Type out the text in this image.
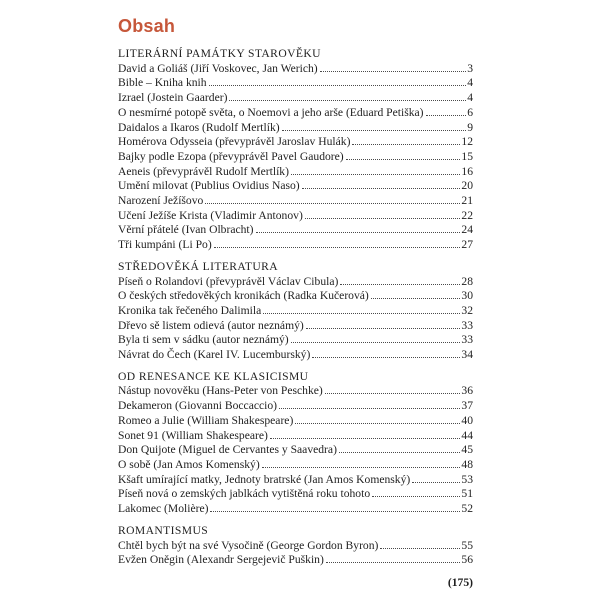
Obsah
LITERÁRNÍ PAMÁTKY STAROVĚKU
David a Goliáš (Jiří Voskovec, Jan Werich)	3
Bible – Kniha knih	4
Izrael (Jostein Gaarder)	4
O nesmírné potopě světa, o Noemovi a jeho arše (Eduard Petiška)	6
Daidalos a Ikaros (Rudolf Mertlík)	9
Homérova Odysseia (převyprávěl Jaroslav Hulák)	12
Bajky podle Ezopa (převyprávěl Pavel Gaudore)	15
Aeneis (převyprávěl Rudolf Mertlík)	16
Umění milovat (Publius Ovidius Naso)	20
Narození Ježíšovo	21
Učení Ježíše Krista (Vladimir Antonov)	22
Věrní přátelé (Ivan Olbracht)	24
Tři kumpáni (Li Po)	27
STŘEDOVĚKÁ LITERATURA
Píseň o Rolandovi (převyprávěl Václav Cibula)	28
O českých středověkých kronikách (Radka Kučerová)	30
Kronika tak řečeného Dalimila	32
Dřevo sě listem odievá (autor neznámý)	33
Byla ti sem v sádku (autor neznámý)	33
Návrat do Čech (Karel IV. Lucemburský)	34
OD RENESANCE KE KLASICISMU
Nástup novověku (Hans-Peter von Peschke)	36
Dekameron (Giovanni Boccaccio)	37
Romeo a Julie (William Shakespeare)	40
Sonet 91 (William Shakespeare)	44
Don Quijote (Miguel de Cervantes y Saavedra)	45
O sobě (Jan Amos Komenský)	48
Kšaft umírající matky, Jednoty bratrské (Jan Amos Komenský)	53
Píseň nová o zemských jablkách vytištěná roku tohoto	51
Lakomec (Molière)	52
ROMANTISMUS
Chtěl bych být na své Vysočině (George Gordon Byron)	55
Evžen Oněgin (Alexandr Sergejevič Puškin)	56
(175)
